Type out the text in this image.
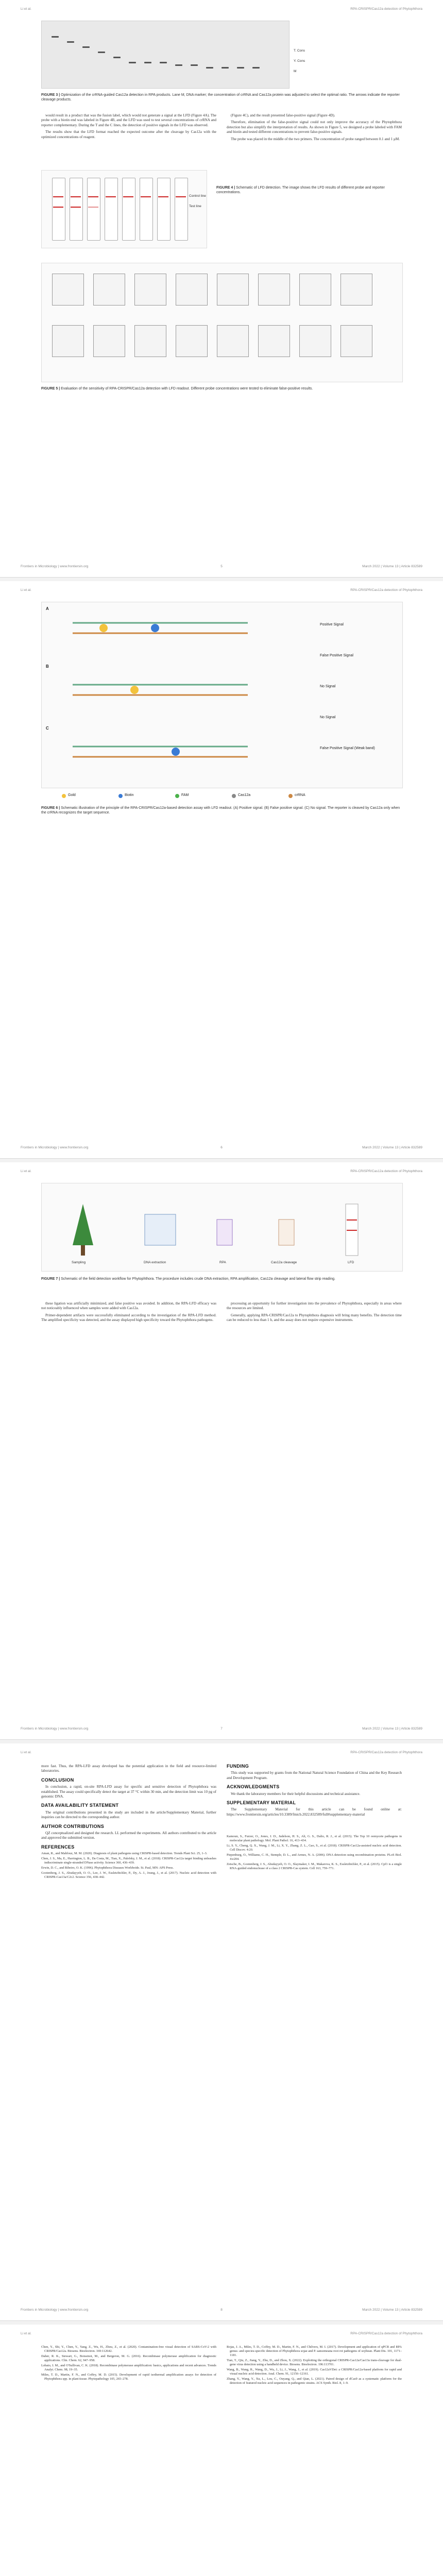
Li et al.	RPA-CRISPR/Cas12a detection of Phytophthora
T. Cons
Y. Cons
M
FIGURE 3 | Optimization of the crRNA-guided Cas12a detection in RPA products. Lane M, DNA marker; the concentration of crRNA and Cas12a protein was adjusted to select the optimal ratio. The arrows indicate the reporter cleavage products.

would result in a product that was the fusion label, which would not generate a signal at the LFD (Figure 4A). The probe with a biotin end was labeled in Figure 4B, and the LFD was used to test several concentrations of crRNA and reporter complementary. During the T and the C lines, the detection of positive signals in the LFD was observed.

The results show that the LFD format reached the expected outcome after the cleavage by Cas12a with the optimized concentrations of reagent.

(Figure 4C), and the result presented false-positive signal (Figure 4D).

Therefore, elimination of the false-positive signal could not only improve the accuracy of the Phytophthora detection but also simplify the interpretation of results. As shown in Figure 5, we designed a probe labeled with FAM and biotin and tested different concentrations to prevent false-positive signals.

The probe was placed in the middle of the two primers. The concentration of probe ranged between 0.1 and 1 μM.

Control line
Test line
FIGURE 4 | Schematic of LFD detection. The image shows the LFD results of different probe and reporter concentrations.
FIGURE 5 | Evaluation of the sensitivity of RPA-CRISPR/Cas12a detection with LFD readout. Different probe concentrations were tested to eliminate false-positive results.
Frontiers in Microbiology | www.frontiersin.org	5	March 2022 | Volume 13 | Article 832589
Li et al.	RPA-CRISPR/Cas12a detection of Phytophthora
A
B
C
Positive Signal
False Positive Signal
No Signal
No Signal
False Positive Signal (Weak band)
Gold	Biotin	FAM	Cas12a	crRNA
FIGURE 6 | Schematic illustration of the principle of the RPA-CRISPR/Cas12a-based detection assay with LFD readout. (A) Positive signal. (B) False positive signal. (C) No signal. The reporter is cleaved by Cas12a only when the crRNA recognizes the target sequence.
Frontiers in Microbiology | www.frontiersin.org	6	March 2022 | Volume 13 | Article 832589
Li et al.	RPA-CRISPR/Cas12a detection of Phytophthora
Sampling	DNA extraction	RPA	Cas12a cleavage	LFD
FIGURE 7 | Schematic of the field detection workflow for Phytophthora. The procedure includes crude DNA extraction, RPA amplification, Cas12a cleavage and lateral flow strip reading.

these ligation was artificially minimized, and false positive was avoided. In addition, the RPA-LFD efficacy was not noticeably influenced when samples were added with Cas12a.

Primer-dependent artifacts were successfully eliminated according to the investigation of the RPA-LFD method. The amplified specificity was detected, and the assay displayed high specificity toward the Phytophthora pathogens.

processing an opportunity for further investigation into the prevalence of Phytophthora, especially in areas where the resources are limited.

Generally, applying RPA-CRISPR/Cas12a to Phytophthora diagnosis will bring many benefits. The detection time can be reduced to less than 1 h, and the assay does not require expensive instruments.

Frontiers in Microbiology | www.frontiersin.org	7	March 2022 | Volume 13 | Article 832589
Li et al.	RPA-CRISPR/Cas12a detection of Phytophthora

more fast. Thus, the RPA-LFD assay developed has the potential application in the field and resource-limited laboratories.

CONCLUSION

In conclusion, a rapid, on-site RPA-LFD assay for specific and sensitive detection of Phytophthora was established. The assay could specifically detect the target at 37 °C within 30 min, and the detection limit was 10 pg of genomic DNA.

DATA AVAILABILITY STATEMENT

The original contributions presented in the study are included in the article/Supplementary Material, further inquiries can be directed to the corresponding author.

AUTHOR CONTRIBUTIONS

QZ conceptualized and designed the research. LL performed the experiments. All authors contributed to the article and approved the submitted version.

REFERENCES
Aman, R., and Mahfouz, M. M. (2020). Diagnosis of plant pathogens using CRISPR-based detection. Trends Plant Sci. 25, 1–3.
Chen, J. S., Ma, E., Harrington, L. B., Da Costa, M., Tian, X., Palefsky, J. M., et al. (2018). CRISPR-Cas12a target binding unleashes indiscriminate single-stranded DNase activity. Science 360, 436–439.
Erwin, D. C., and Ribeiro, O. K. (1996). Phytophthora Diseases Worldwide. St. Paul, MN: APS Press.
Gootenberg, J. S., Abudayyeh, O. O., Lee, J. W., Essletzbichler, P., Dy, A. J., Joung, J., et al. (2017). Nucleic acid detection with CRISPR-Cas13a/C2c2. Science 356, 438–442.
FUNDING

This study was supported by grants from the National Natural Science Foundation of China and the Key Research and Development Program.

ACKNOWLEDGMENTS

We thank the laboratory members for their helpful discussions and technical assistance.

SUPPLEMENTARY MATERIAL

The Supplementary Material for this article can be found online at: https://www.frontiersin.org/articles/10.3389/fmicb.2022.832589/full#supplementary-material

Kamoun, S., Furzer, O., Jones, J. D., Judelson, H. S., Ali, G. S., Dalio, R. J., et al. (2015). The Top 10 oomycete pathogens in molecular plant pathology. Mol. Plant Pathol. 16, 413–434.
Li, S. Y., Cheng, Q. X., Wang, J. M., Li, X. Y., Zhang, Z. L., Gao, S., et al. (2018). CRISPR-Cas12a-assisted nucleic acid detection. Cell Discov. 4:20.
Piepenburg, O., Williams, C. H., Stemple, D. L., and Armes, N. A. (2006). DNA detection using recombination proteins. PLoS Biol. 4:e204.
Zetsche, B., Gootenberg, J. S., Abudayyeh, O. O., Slaymaker, I. M., Makarova, K. S., Essletzbichler, P., et al. (2015). Cpf1 is a single RNA-guided endonuclease of a class 2 CRISPR-Cas system. Cell 163, 759–771.
Frontiers in Microbiology | www.frontiersin.org	8	March 2022 | Volume 13 | Article 832589
Li et al.	RPA-CRISPR/Cas12a detection of Phytophthora
Chen, Y., Shi, Y., Chen, Y., Yang, Z., Wu, H., Zhou, Z., et al. (2020). Contamination-free visual detection of SARS-CoV-2 with CRISPR/Cas12a. Biosens. Bioelectron. 169:112642.
Daher, R. K., Stewart, G., Boissinot, M., and Bergeron, M. G. (2016). Recombinase polymerase amplification for diagnostic applications. Clin. Chem. 62, 947–958.
Lobato, I. M., and O'Sullivan, C. K. (2018). Recombinase polymerase amplification: basics, applications and recent advances. Trends Analyt. Chem. 98, 19–35.
Miles, T. D., Martin, F. N., and Coffey, M. D. (2015). Development of rapid isothermal amplification assays for detection of Phytophthora spp. in plant tissue. Phytopathology 105, 265–278.
Rojas, J. A., Miles, T. D., Coffey, M. D., Martin, F. N., and Chilvers, M. I. (2017). Development and application of qPCR and RPA genus- and species-specific detection of Phytophthora sojae and P. sansomeana root rot pathogens of soybean. Plant Dis. 101, 1171–1181.
Tian, T., Qiu, Z., Jiang, Y., Zhu, D., and Zhou, X. (2022). Exploiting the orthogonal CRISPR-Cas12a/Cas13a trans-cleavage for dual-gene virus detection using a handheld device. Biosens. Bioelectron. 196:113701.
Wang, B., Wang, R., Wang, D., Wu, J., Li, J., Wang, J., et al. (2019). Cas12aVDet: a CRISPR/Cas12a-based platform for rapid and visual nucleic acid detection. Anal. Chem. 91, 12156–12161.
Zhang, Y., Wang, Y., Xu, L., Lou, C., Ouyang, Q., and Qian, L. (2021). Paired design of dCas9 as a systematic platform for the detection of featured nucleic acid sequences in pathogenic strains. ACS Synth. Biol. 8, 1–9.
